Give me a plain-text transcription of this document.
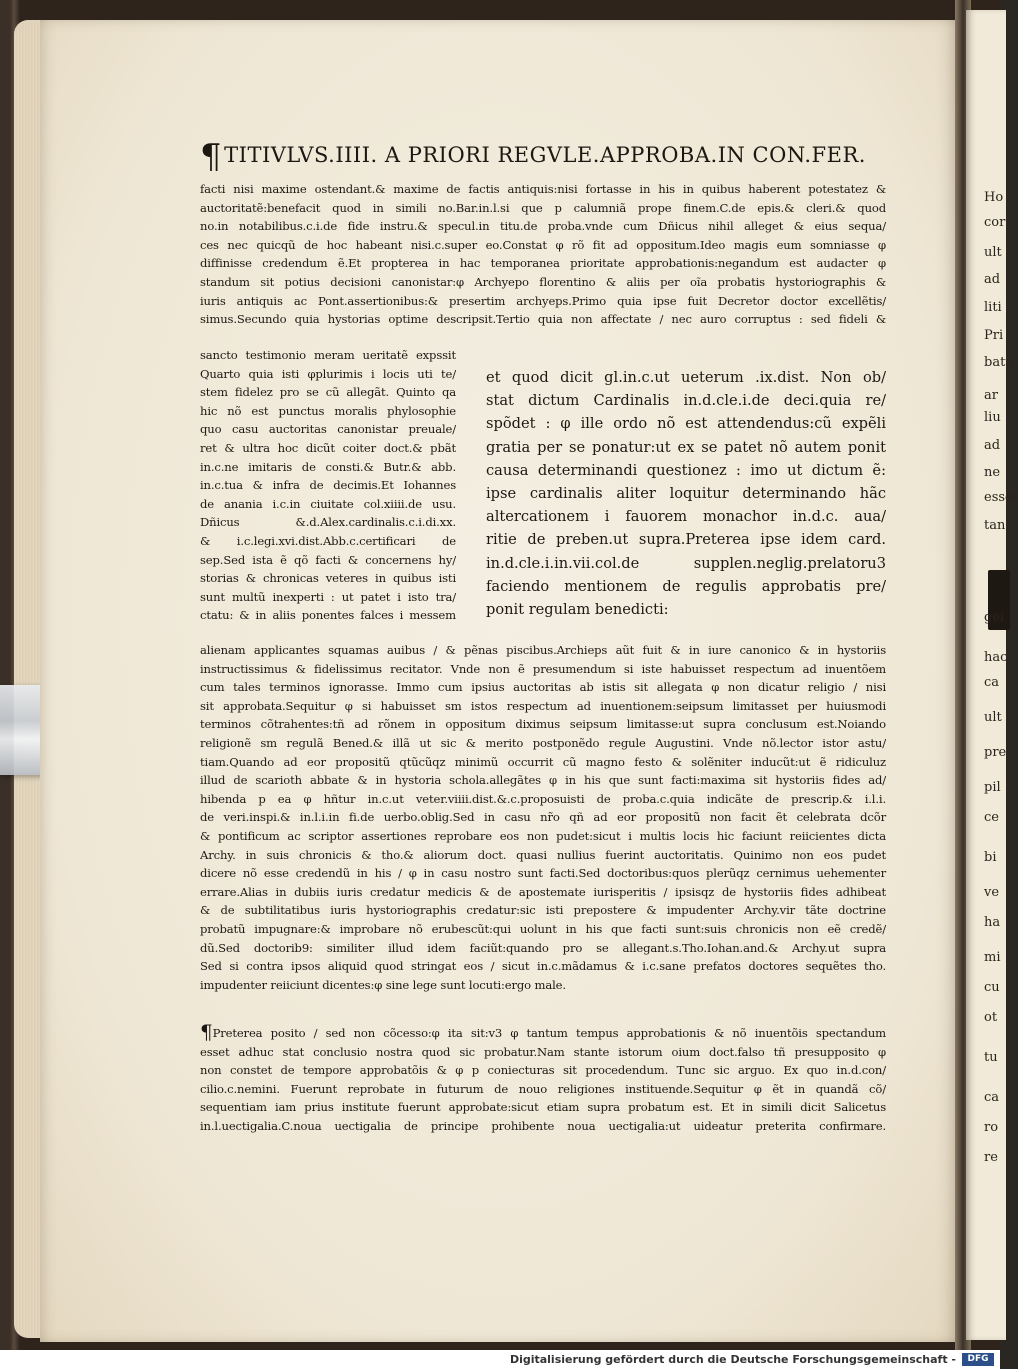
¶TITIVLVS.IIII. A PRIORI REGVLE.APPROBA.IN CON.FER.
facti nisi maxime ostendant.& maxime de factis antiquis:nisi fortasse in his in quibus haberent potestatez &
auctoritatẽ:benefacit quod in simili no.Bar.in.l.si que p calumniã prope finem.C.de epis.& cleri.& quod
no.in notabilibus.c.i.de fide instru.& specul.in titu.de proba.vnde cum Dñicus nihil alleget & eius sequa/
ces nec quicqũ de hoc habeant nisi.c.super eo.Constat φ rõ fit ad oppositum.Ideo magis eum somniasse φ
diffinisse credendum ẽ.Et propterea in hac temporanea prioritate approbationis:negandum est audacter φ
standum sit potius decisioni canonistar:φ Archyepo florentino & aliis per oĩa probatis hystoriographis &
iuris antiquis ac Pont.assertionibus:& presertim archyeps.Primo quia ipse fuit Decretor doctor excellẽtis/
simus.Secundo quia hystorias optime descripsit.Tertio quia non affectate / nec auro corruptus : sed fideli &
sancto testimonio meram ueritatẽ expssit
Quarto quia isti φplurimis i locis uti te/
stem fidelez pro se cũ allegãt. Quinto qa
hic nõ est punctus moralis phylosophie
quo casu auctoritas canonistar preuale/
ret & ultra hoc dicũt coiter doct.& pbãt
in.c.ne imitaris de consti.& Butr.& abb.
in.c.tua & infra de decimis.Et Iohannes
de anania i.c.in ciuitate col.xiiii.de usu.
Dñicus &.d.Alex.cardinalis.c.i.di.xx.
& i.c.legi.xvi.dist.Abb.c.certificari de
sep.Sed ista ẽ qõ facti & concernens hy/
storias & chronicas veteres in quibus isti
sunt multũ inexperti : ut patet i isto tra/
ctatu: & in aliis ponentes falces i messem
et quod dicit gl.in.c.ut ueterum .ix.dist. Non ob/
stat dictum Cardinalis in.d.cle.i.de deci.quia re/
spõdet : φ ille ordo nõ est attendendus:cũ expẽli
gratia per se ponatur:ut ex se patet nõ autem ponit
causa determinandi questionez : imo ut dictum ẽ:
ipse cardinalis aliter loquitur determinando hãc
altercationem i fauorem monachor in.d.c. aua/
ritie de preben.ut supra.Preterea ipse idem card.
in.d.cle.i.in.vii.col.de supplen.neglig.prelatoru3
faciendo mentionem de regulis approbatis pre/
ponit regulam benedicti:
alienam applicantes squamas auibus / & pẽnas piscibus.Archieps aũt fuit & in iure canonico & in hystoriis
instructissimus & fidelissimus recitator. Vnde non ẽ presumendum si iste habuisset respectum ad inuentõem
cum tales terminos ignorasse. Immo cum ipsius auctoritas ab istis sit allegata φ non dicatur religio / nisi
sit approbata.Sequitur φ si habuisset sm istos respectum ad inuentionem:seipsum limitasset per huiusmodi
terminos cõtrahentes:tñ ad rõnem in oppositum diximus seipsum limitasse:ut supra conclusum est.Noiando
religionẽ sm regulã Bened.& illã ut sic & merito postponẽdo regule Augustini. Vnde nõ.lector istor astu/
tiam.Quando ad eor propositũ qtũcũqz minimũ occurrit cũ magno festo & solẽniter inducũt:ut ẽ ridiculuz
illud de scarioth abbate & in hystoria schola.allegãtes φ in his que sunt facti:maxima sit hystoriis fides ad/
hibenda p ea φ hñtur in.c.ut veter.viiii.dist.&.c.proposuisti de proba.c.quia indicãte de prescrip.& i.l.i.
de veri.inspi.& in.l.i.in fi.de uerbo.oblig.Sed in casu nr̃o qñ ad eor propositũ non facit ẽt celebrata dcõr
& pontificum ac scriptor assertiones reprobare eos non pudet:sicut i multis locis hic faciunt reiicientes dicta
Archy. in suis chronicis & tho.& aliorum doct. quasi nullius fuerint auctoritatis. Quinimo non eos pudet
dicere nõ esse credendũ in his / φ in casu nostro sunt facti.Sed doctoribus:quos plerũqz cernimus uehementer
errare.Alias in dubiis iuris credatur medicis & de apostemate iurisperitis / ipsisqz de hystoriis fides adhibeat
& de subtilitatibus iuris hystoriographis credatur:sic isti prepostere & impudenter Archy.vir tãte doctrine
probatũ impugnare:& improbare nõ erubescũt:qui uolunt in his que facti sunt:suis chronicis non eẽ credẽ/
dũ.Sed doctorib9: similiter illud idem faciũt:quando pro se allegant.s.Tho.Iohan.and.& Archy.ut supra
Sed si contra ipsos aliquid quod stringat eos / sicut in.c.mãdamus & i.c.sane prefatos doctores sequẽtes tho.
impudenter reiiciunt dicentes:φ sine lege sunt locuti:ergo male.
¶Preterea posito / sed non cõcesso:φ ita sit:v3 φ tantum tempus approbationis & nõ inuentõis spectandum
esset adhuc stat conclusio nostra quod sic probatur.Nam stante istorum oium doct.falso tñ presupposito φ
non constet de tempore approbatõis & φ p coniecturas sit procedendum. Tunc sic arguo. Ex quo in.d.con/
cilio.c.nemini. Fuerunt reprobate in futurum de nouo religiones instituende.Sequitur φ ẽt in quandã cõ/
sequentiam iam prius institute fuerunt approbate:sicut etiam supra probatum est. Et in simili dicit Salicetus
in.l.uectigalia.C.noua uectigalia de principe prohibente noua uectigalia:ut uideatur preterita confirmare.
Ho
cor
ult
ad
liti
Pri
batu
ar
liu
ad
ne
esset
tan
gei
hac
ca
ult
pre
pil
ce
bi
ve
ha
mi
cu
ot
tu
ca
ro
re
Digitalisierung gefördert durch die Deutsche Forschungsgemeinschaft -	DFG
